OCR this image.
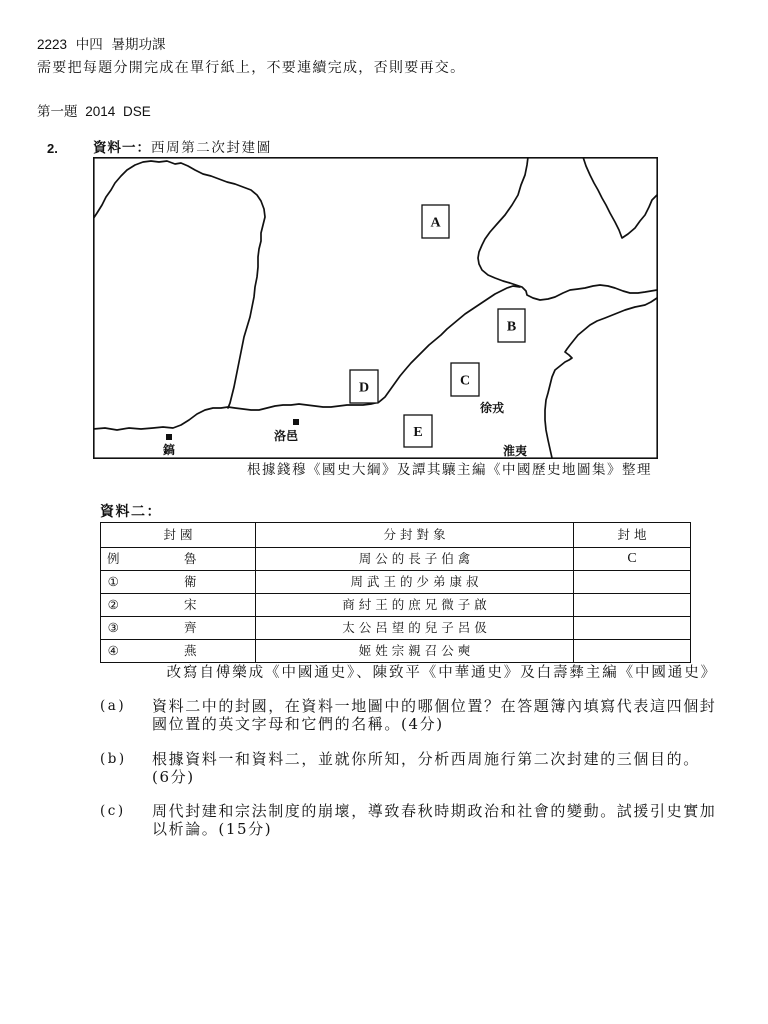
2223 中四 暑期功課
需要把每題分開完成在單行紙上，不要連續完成，否則要再交。
第一題 2014 DSE
2.	資料一：西周第二次封建圖
A
B
C
D
E
徐戎
洛邑
鎬	淮夷
根據錢穆《國史大綱》及譚其驤主編《中國歷史地圖集》整理
資料二：
封國		分封對象	封地
例	魯	周公的長子伯禽	C
①	衛	周武王的少弟康叔	
②	宋	商紂王的庶兄微子啟	
③	齊	太公呂望的兒子呂伋	
④	燕	姬姓宗親召公奭	
改寫自傅樂成《中國通史》、陳致平《中華通史》及白壽彝主編《中國通史》
(a) 資料二中的封國，在資料一地圖中的哪個位置？在答題簿內填寫代表這四個封
國位置的英文字母和它們的名稱。(4分)
(b) 根據資料一和資料二，並就你所知，分析西周施行第二次封建的三個目的。
(6分)
(c) 周代封建和宗法制度的崩壞，導致春秋時期政治和社會的變動。試援引史實加
以析論。(15分)
